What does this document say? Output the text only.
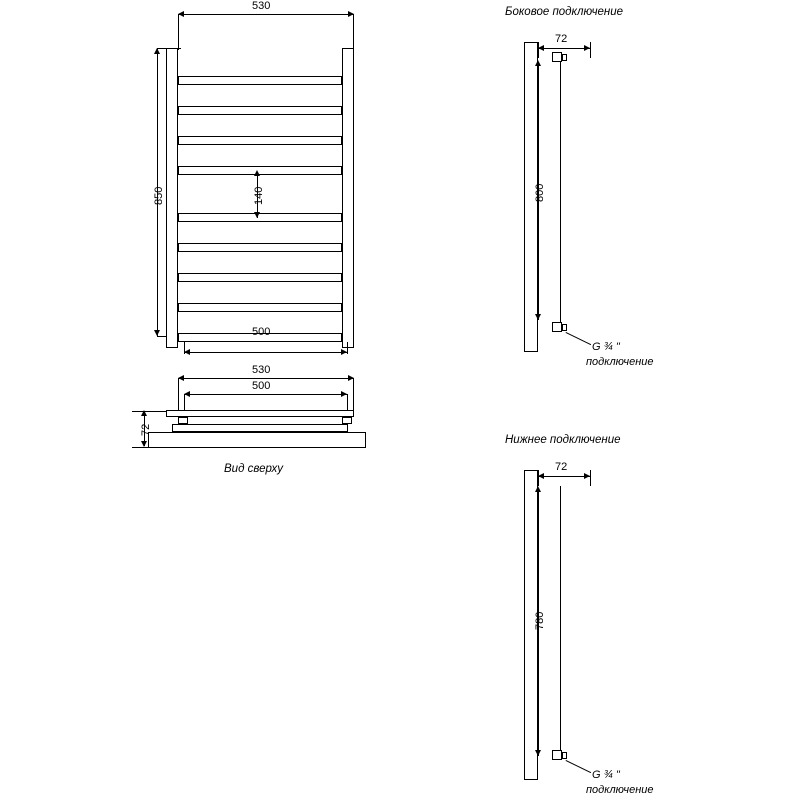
530
850	140
500
530
500
72
Вид сверху
Боковое подключение
72
800
G ¾ "
подключение
Нижнее подключение
72
780
G ¾ "
подключение
